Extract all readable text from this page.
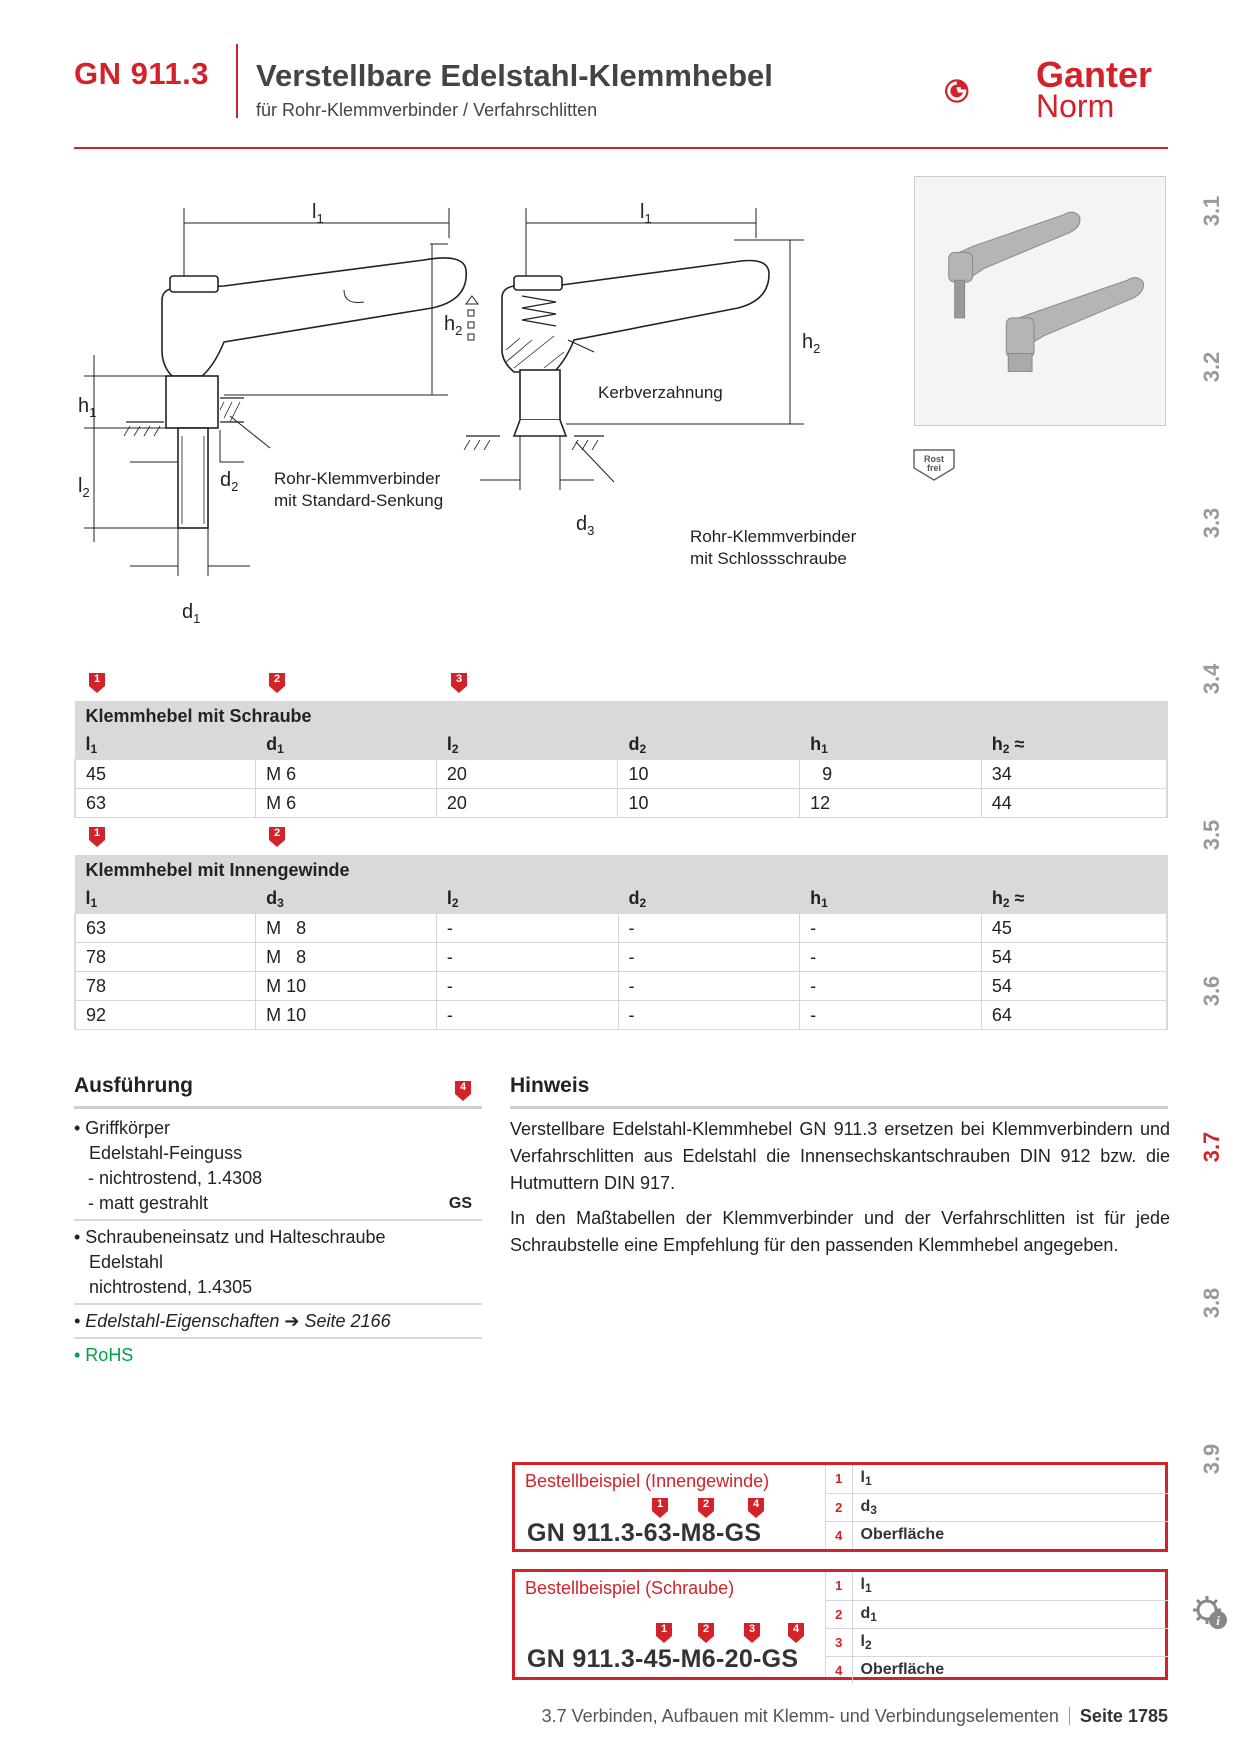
GN 911.3 Verstellbare Edelstahl-Klemmhebel
für Rohr-Klemmverbinder / Verfahrschlitten
Ganter
Norm
3.1
3.2
3.3
3.4
3.5
3.6
3.7
3.8
3.9
$l_1$	$l_1$
$h_1$
$l_2$
$d_1$
$d_2$
$h_2$
$h_2$
$d_3$
Rohr-Klemmverbinder
mit Standard-Senkung
Kerbverzahnung
Rohr-Klemmverbinder
mit Schlossschraube
Rost
frei
1	2	3
Klemmhebel mit Schraube					
$l_1$	$d_1$	$l_2$	$d_2$	$h_1$	$h_2$ ≈
45	M 6	20	10	9	34
63	M 6	20	10	12	44
1	2
Klemmhebel mit Innengewinde					
$l_1$	$d_3$	$l_2$	$d_2$	$h_1$	$h_2$ ≈
63	M   8	-	-	-	45
78	M   8	-	-	-	54
78	M 10	-	-	-	54
92	M 10	-	-	-	64
Ausführung	4
• Griffkörper
Edelstahl-Feinguss
- nichtrostend, 1.4308
- matt gestrahlt	GS
• Schraubeneinsatz und Halteschraube
Edelstahl
nichtrostend, 1.4305
• Edelstahl-Eigenschaften ➔ Seite 2166
• RoHS
Hinweis

Verstellbare Edelstahl-Klemmhebel GN 911.3 ersetzen bei Klemmverbindern und Verfahrschlitten aus Edelstahl die Innensechskantschrauben DIN 912 bzw. die Hutmuttern DIN 917.

In den Maßtabellen der Klemmverbinder und der Verfahrschlitten ist für jede Schraubstelle eine Empfehlung für den passenden Klemmhebel angegeben.

Bestellbeispiel (Innengewinde)
1	2	4
GN 911.3-63-M8-GS
1	$l_1$
2	$d_3$
4	Oberfläche
Bestellbeispiel (Schraube)
1	2	3	4
GN 911.3-45-M6-20-GS
1	$l_1$
2	$d_1$
3	$l_2$
4	Oberfläche
i
3.7 Verbinden, Aufbauen mit Klemm- und Verbindungselementen Seite 1785
